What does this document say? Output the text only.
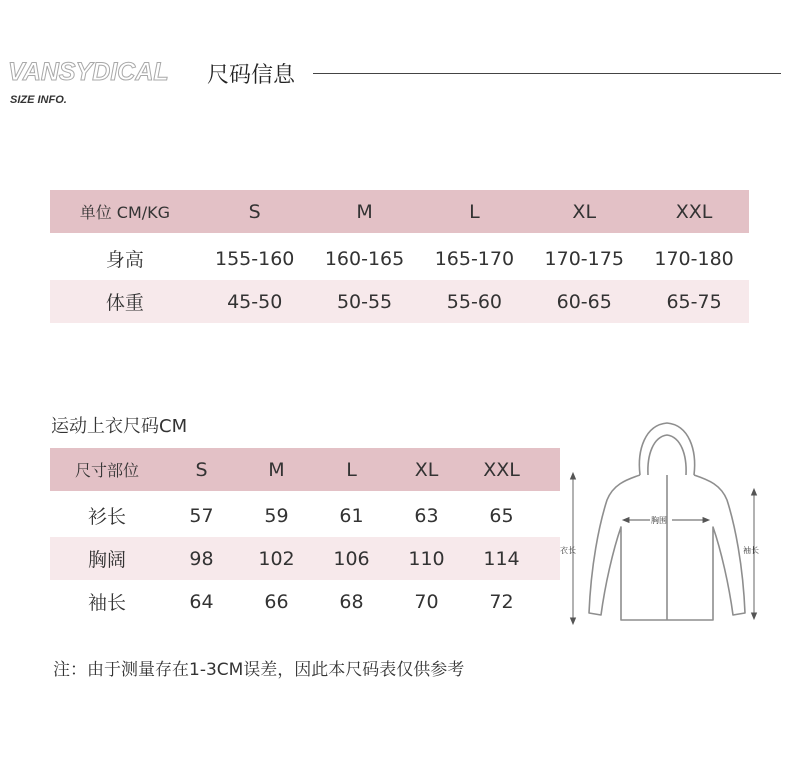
VANSYDICAL 尺码信息
SIZE INFO.
单位 CM/KG	S	M	L	XL	XXL
身高	155-160	160-165	165-170	170-175	170-180
体重	45-50	50-55	55-60	60-65	65-75
运动上衣尺码CM
尺寸部位	S	M	L	XL	XXL
衫长	57	59	61	63	65
胸阔	98	102	106	110	114
袖长	64	66	68	70	72
胸围
衣长	袖长
注：由于测量存在1-3CM误差，因此本尺码表仅供参考
